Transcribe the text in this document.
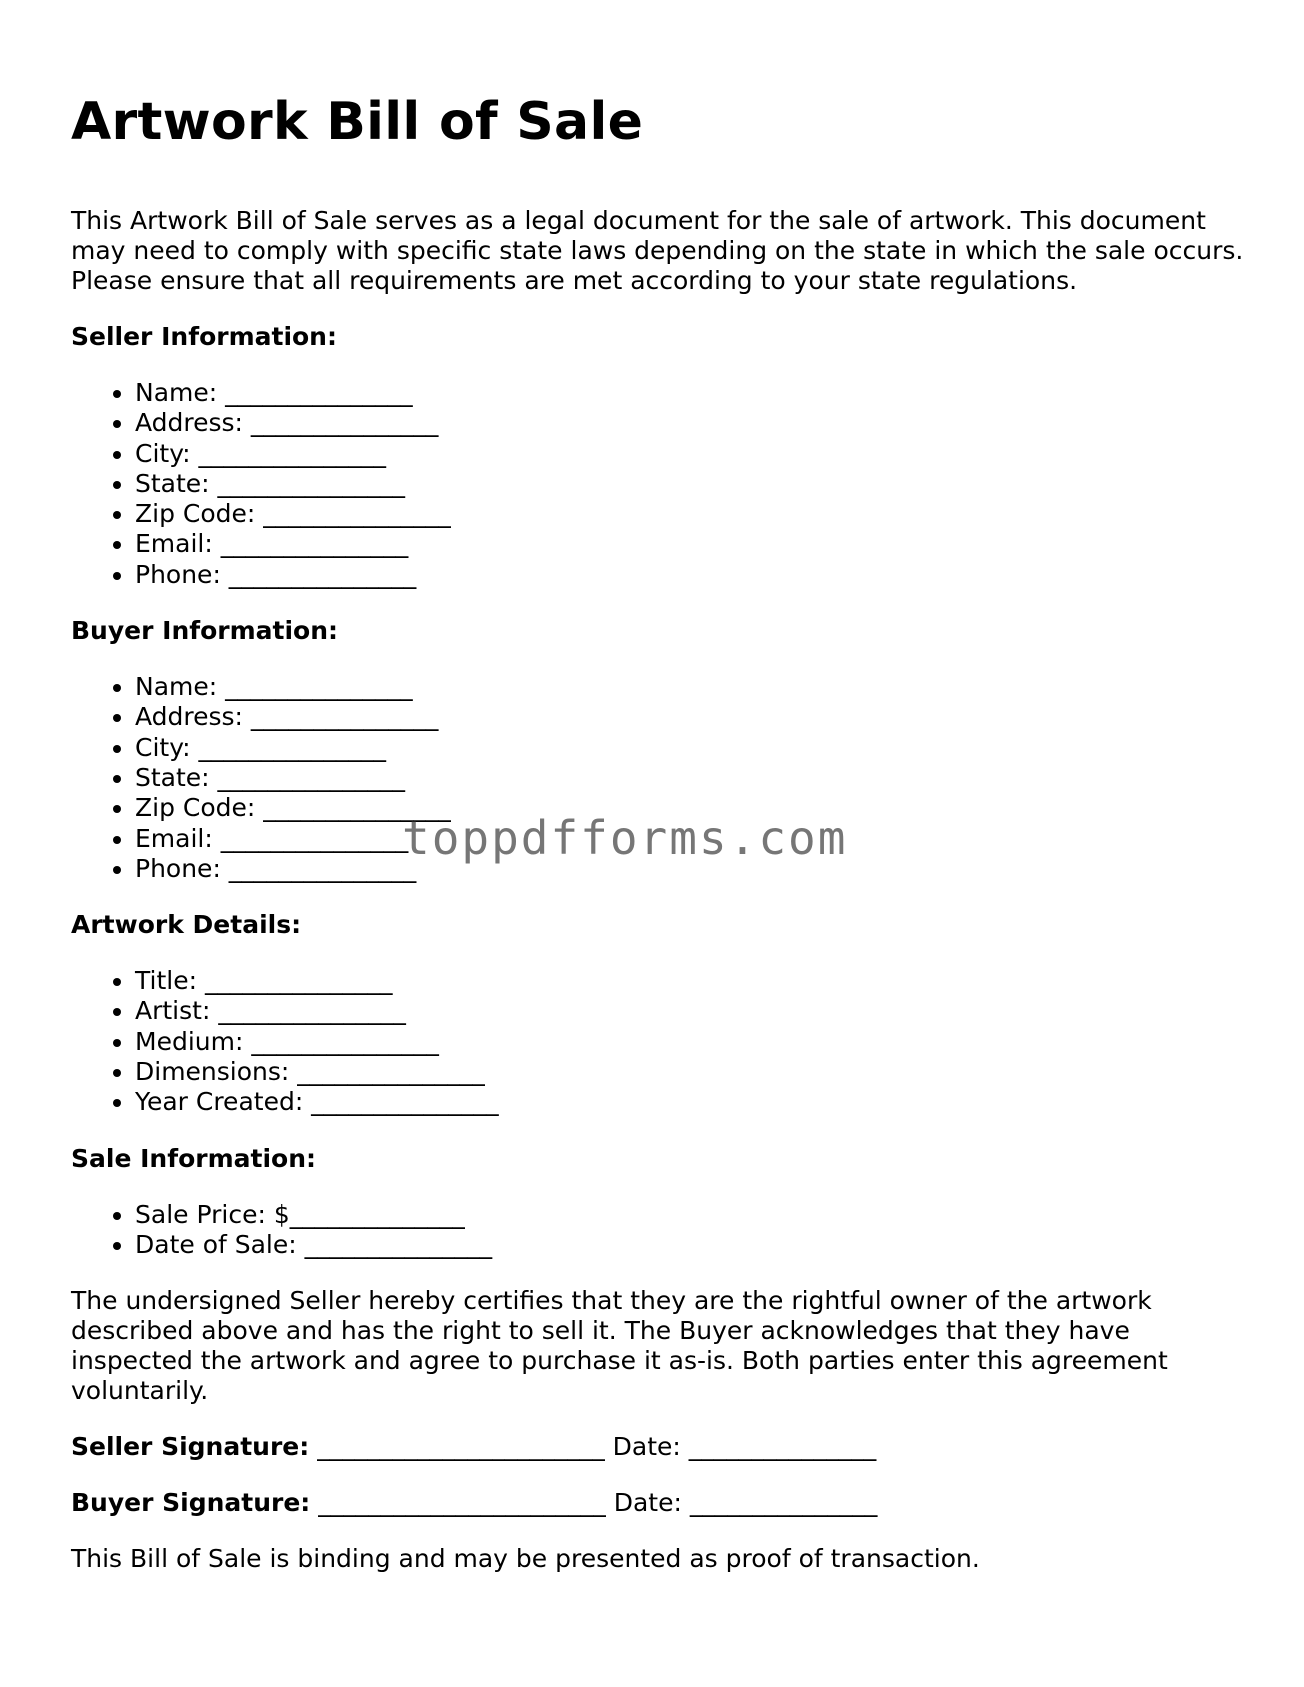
Artwork Bill of Sale

This Artwork Bill of Sale serves as a legal document for the sale of artwork. This document may need to comply with specific state laws depending on the state in which the sale occurs. Please ensure that all requirements are met according to your state regulations.

Seller Information:
• Name: _______________
• Address: _______________
• City: _______________
• State: _______________
• Zip Code: _______________
• Email: _______________
• Phone: _______________
Buyer Information:
• Name: _______________
• Address: _______________
• City: _______________
• State: _______________
• Zip Code: _______________
• Email: _______________
• Phone: _______________
Artwork Details:
• Title: _______________
• Artist: _______________
• Medium: _______________
• Dimensions: _______________
• Year Created: _______________
Sale Information:
• Sale Price: $______________
• Date of Sale: _______________

The undersigned Seller hereby certifies that they are the rightful owner of the artwork described above and has the right to sell it. The Buyer acknowledges that they have inspected the artwork and agree to purchase it as-is. Both parties enter this agreement voluntarily.

Seller Signature: _______________________ Date: _______________
Buyer Signature: _______________________ Date: _______________

This Bill of Sale is binding and may be presented as proof of transaction.

toppdfforms.com
